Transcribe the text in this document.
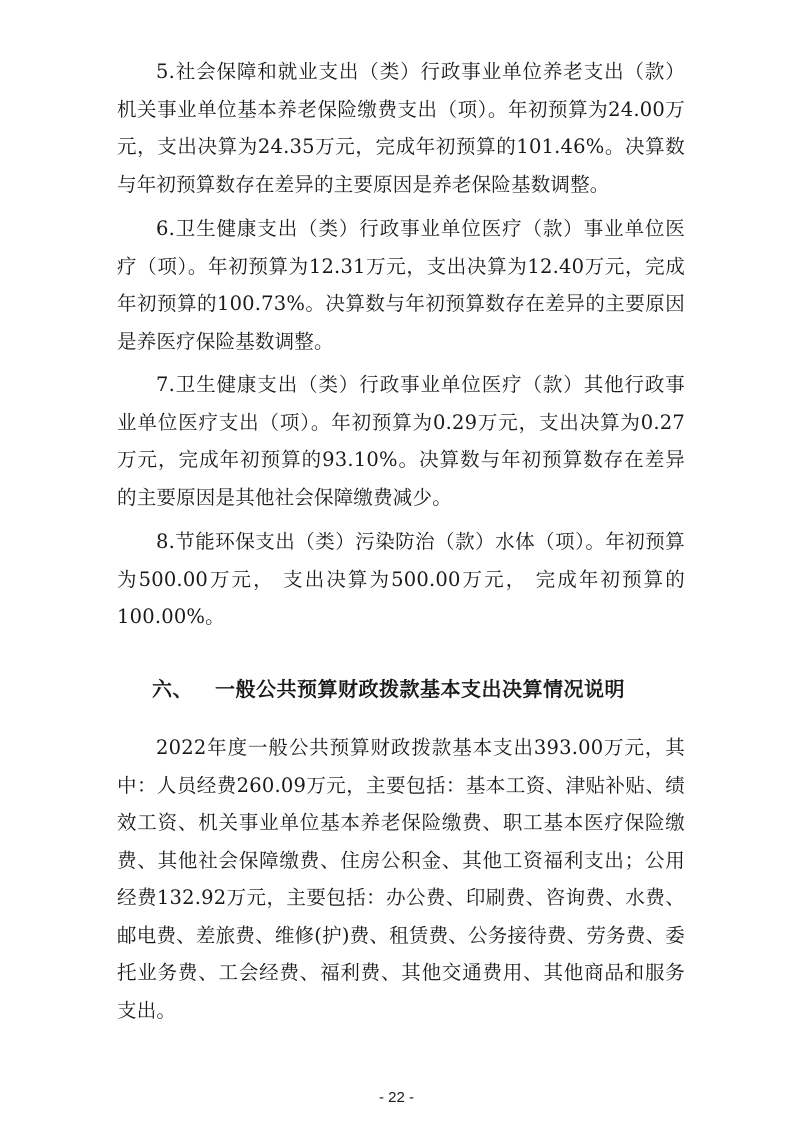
5.社会保障和就业支出（类）行政事业单位养老支出（款）机关事业单位基本养老保险缴费支出（项）。年初预算为24.00万元，支出决算为24.35万元，完成年初预算的101.46%。决算数与年初预算数存在差异的主要原因是养老保险基数调整。

6.卫生健康支出（类）行政事业单位医疗（款）事业单位医疗（项）。年初预算为12.31万元，支出决算为12.40万元，完成年初预算的100.73%。决算数与年初预算数存在差异的主要原因是养医疗保险基数调整。

7.卫生健康支出（类）行政事业单位医疗（款）其他行政事业单位医疗支出（项）。年初预算为0.29万元，支出决算为0.27万元，完成年初预算的93.10%。决算数与年初预算数存在差异的主要原因是其他社会保障缴费减少。

8.节能环保支出（类）污染防治（款）水体（项）。年初预算为500.00万元， 支出决算为500.00万元， 完成年初预算的100.00%。

六、 一般公共预算财政拨款基本支出决算情况说明

2022年度一般公共预算财政拨款基本支出393.00万元，其中：人员经费260.09万元，主要包括：基本工资、津贴补贴、绩效工资、机关事业单位基本养老保险缴费、职工基本医疗保险缴费、其他社会保障缴费、住房公积金、其他工资福利支出；公用经费132.92万元，主要包括：办公费、印刷费、咨询费、水费、邮电费、差旅费、维修(护)费、租赁费、公务接待费、劳务费、委托业务费、工会经费、福利费、其他交通费用、其他商品和服务支出。

- 22 -
